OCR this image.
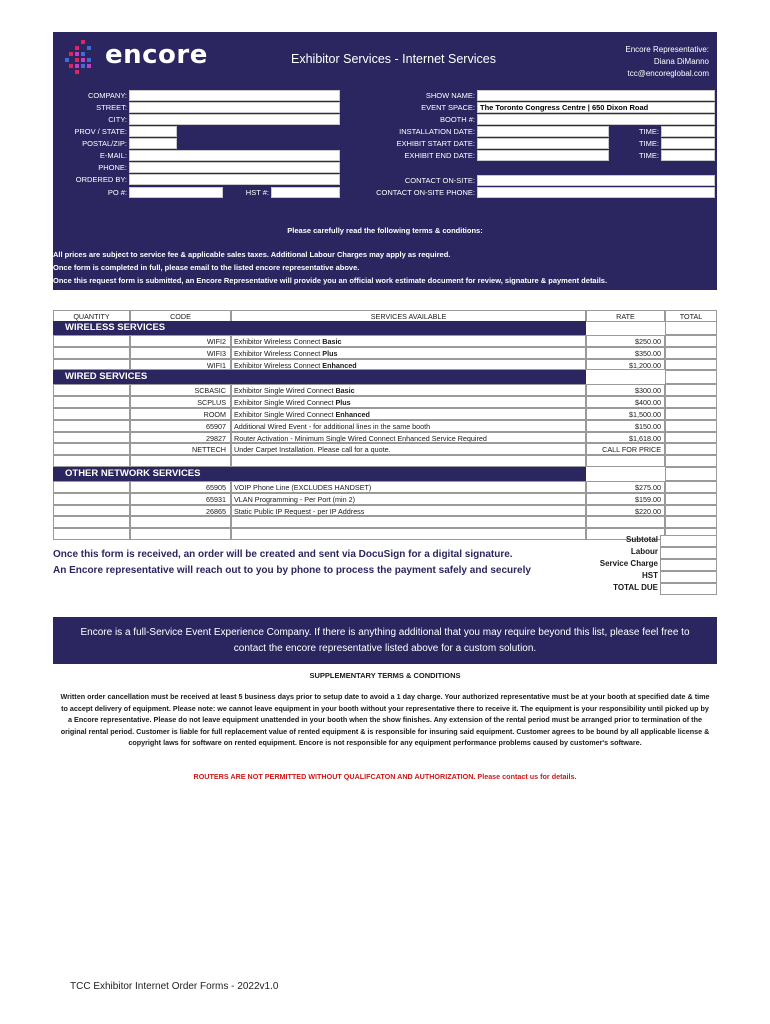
encore	Exhibitor Services - Internet Services
Encore Representative:
Diana DiManno
tcc@encoreglobal.com
COMPANY:
STREET:
CITY:
PROV / STATE:
POSTAL/ZIP:
E-MAIL:
PHONE:
ORDERED BY:
PO #:	HST #:
SHOW NAME:
EVENT SPACE: The Toronto Congress Centre | 650 Dixon Road
BOOTH #:
INSTALLATION DATE:	TIME:
EXHIBIT START DATE:	TIME:
EXHIBIT END DATE:	TIME:
CONTACT ON-SITE:
CONTACT ON-SITE PHONE:
Please carefully read the following terms & conditions:
All prices are subject to service fee & applicable sales taxes. Additional Labour Charges may apply as required.
Once form is completed in full, please email to the listed encore representative above.
Once this request form is submitted, an Encore Representative will provide you an official work estimate document for review, signature & payment details.
QUANTITY	CODE	SERVICES AVAILABLE	RATE	TOTAL
WIRELESS SERVICES
WIFI2	Exhibitor Wireless Connect Basic	$250.00
WIFI3	Exhibitor Wireless Connect Plus	$350.00
WIFI1	Exhibitor Wireless Connect Enhanced	$1,200.00
WIRED SERVICES
SCBASIC	Exhibitor Single Wired Connect Basic	$300.00
SCPLUS	Exhibitor Single Wired Connect Plus	$400.00
ROOM	Exhibitor Single Wired Connect Enhanced	$1,500.00
65907	Additional Wired Event - for additional lines in the same booth	$150.00
29827	Router Activation - Minimum Single Wired Connect Enhanced Service Required	$1,618.00
NETTECH	Under Carpet Installation. Please call for a quote.	CALL FOR PRICE
OTHER NETWORK SERVICES
65905	VOIP Phone Line (EXCLUDES HANDSET)	$275.00
65931	VLAN Programming - Per Port (min 2)	$159.00
26865	Static Public IP Request - per IP Address	$220.00
Once this form is received, an order will be created and sent via DocuSign for a digital signature.
An Encore representative will reach out to you by phone to process the payment safely and securely
Subtotal
Labour
Service Charge
HST
TOTAL DUE
Encore is a full-Service Event Experience Company. If there is anything additional that you may require beyond this list, please feel free to
contact the encore representative listed above for a custom solution.
SUPPLEMENTARY TERMS & CONDITIONS
Written order cancellation must be received at least 5 business days prior to setup date to avoid a 1 day charge. Your authorized representative must be at your booth at specified date & time to accept delivery of equipment. Please note: we cannot leave equipment in your booth without your representative there to receive it. The equipment is your responsibility until picked up by a Encore representative. Please do not leave equipment unattended in your booth when the show finishes. Any extension of the rental period must be arranged prior to termination of the original rental period. Customer is liable for full replacement value of rented equipment & is responsible for insuring said equipment. Customer agrees to be bound by all applicable license & copyright laws for software on rented equipment. Encore is not responsible for any equipment performance problems caused by customer's software.
ROUTERS ARE NOT PERMITTED WITHOUT QUALIFCATON AND AUTHORIZATION. Please contact us for details.
TCC Exhibitor Internet Order Forms - 2022v1.0
